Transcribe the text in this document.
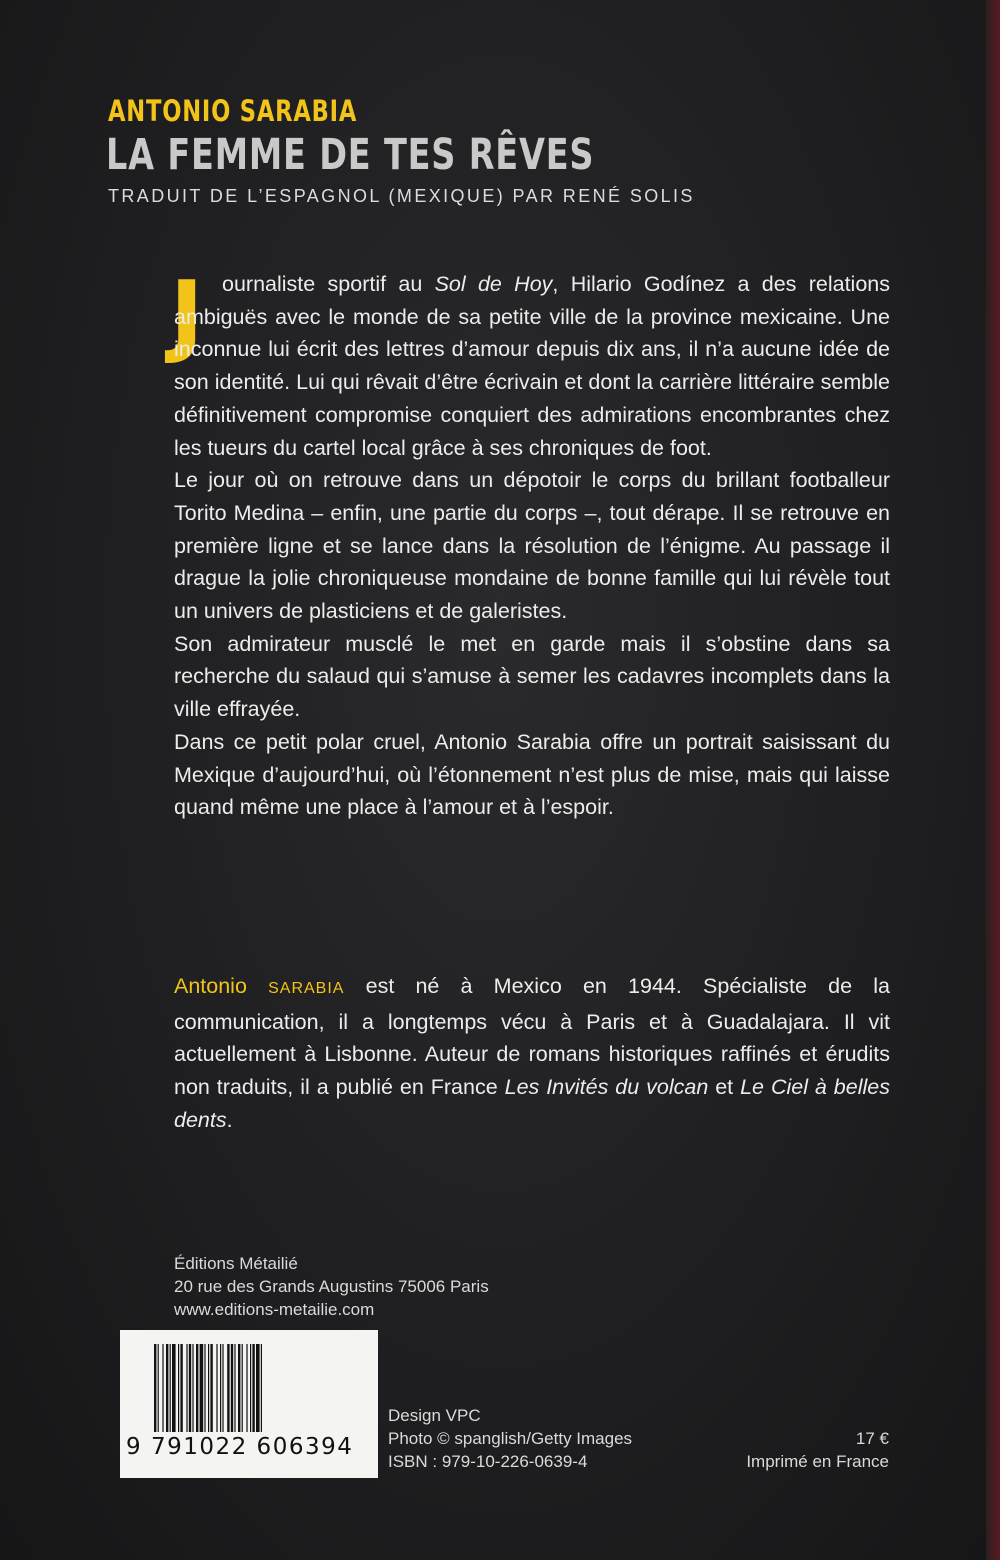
ANTONIO SARABIA
LA FEMME DE TES RÊVES
TRADUIT DE L’ESPAGNOL (MEXIQUE) PAR RENÉ SOLIS
J ournaliste sportif au Sol de Hoy, Hilario Godínez a des relations ambiguës avec le monde de sa petite ville de la province mexicaine. Une inconnue lui écrit des lettres d’amour depuis dix ans, il n’a aucune idée de son identité. Lui qui rêvait d’être écrivain et dont la carrière littéraire semble définitivement compromise conquiert des admirations encombrantes chez les tueurs du cartel local grâce à ses chroniques de foot.

Le jour où on retrouve dans un dépotoir le corps du brillant footballeur Torito Medina – enfin, une partie du corps –, tout dérape. Il se retrouve en première ligne et se lance dans la résolution de l’énigme. Au passage il drague la jolie chroniqueuse mondaine de bonne famille qui lui révèle tout un univers de plasticiens et de galeristes.

Son admirateur musclé le met en garde mais il s’obstine dans sa recherche du salaud qui s’amuse à semer les cadavres incomplets dans la ville effrayée.

Dans ce petit polar cruel, Antonio Sarabia offre un portrait saisissant du Mexique d’aujourd’hui, où l’étonnement n’est plus de mise, mais qui laisse quand même une place à l’amour et à l’espoir.

Antonio SARABIA est né à Mexico en 1944. Spécialiste de la communication, il a longtemps vécu à Paris et à Guadalajara. Il vit actuellement à Lisbonne. Auteur de romans historiques raffinés et érudits non traduits, il a publié en France Les Invités du volcan et Le Ciel à belles dents.
Éditions Métailié
20 rue des Grands Augustins 75006 Paris
www.editions-metailie.com
9 791022 606394
Design VPC
Photo © spanglish/Getty Images
ISBN : 979-10-226-0639-4
17 €
Imprimé en France
